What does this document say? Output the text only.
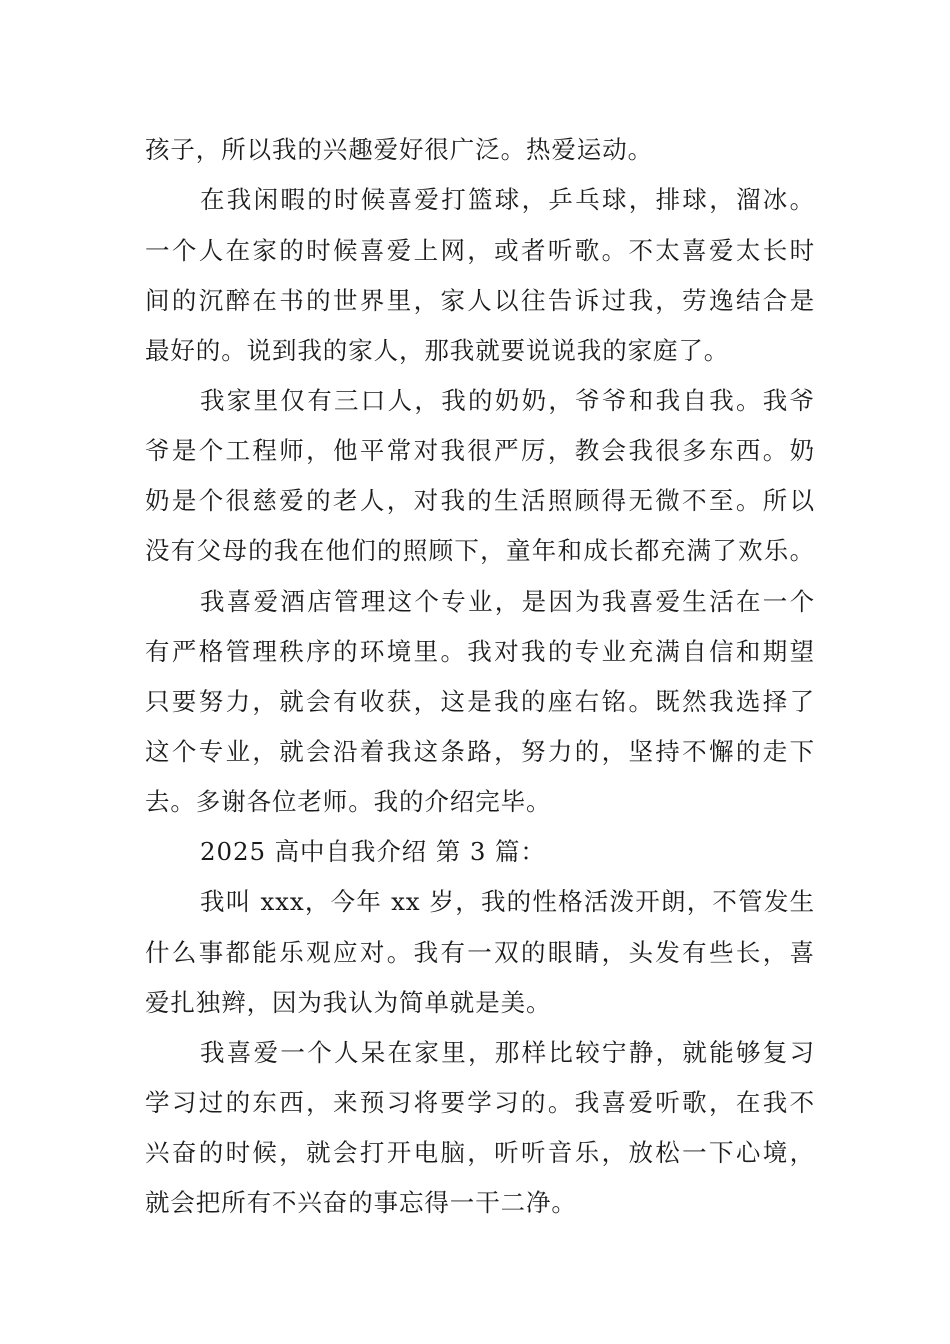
孩子，所以我的兴趣爱好很广泛。热爱运动。
在我闲暇的时候喜爱打篮球，乒乓球，排球，溜冰。
一个人在家的时候喜爱上网，或者听歌。不太喜爱太长时
间的沉醉在书的世界里，家人以往告诉过我，劳逸结合是
最好的。说到我的家人，那我就要说说我的家庭了。
我家里仅有三口人，我的奶奶，爷爷和我自我。我爷
爷是个工程师，他平常对我很严厉，教会我很多东西。奶
奶是个很慈爱的老人，对我的生活照顾得无微不至。所以
没有父母的我在他们的照顾下，童年和成长都充满了欢乐。
我喜爱酒店管理这个专业，是因为我喜爱生活在一个
有严格管理秩序的环境里。我对我的专业充满自信和期望
只要努力，就会有收获，这是我的座右铭。既然我选择了
这个专业，就会沿着我这条路，努力的，坚持不懈的走下
去。多谢各位老师。我的介绍完毕。
2025 高中自我介绍 第 3 篇：
我叫 xxx，今年 xx 岁，我的性格活泼开朗，不管发生
什么事都能乐观应对。我有一双的眼睛，头发有些长，喜
爱扎独辫，因为我认为简单就是美。
我喜爱一个人呆在家里，那样比较宁静，就能够复习
学习过的东西，来预习将要学习的。我喜爱听歌，在我不
兴奋的时候，就会打开电脑，听听音乐，放松一下心境，
就会把所有不兴奋的事忘得一干二净。
